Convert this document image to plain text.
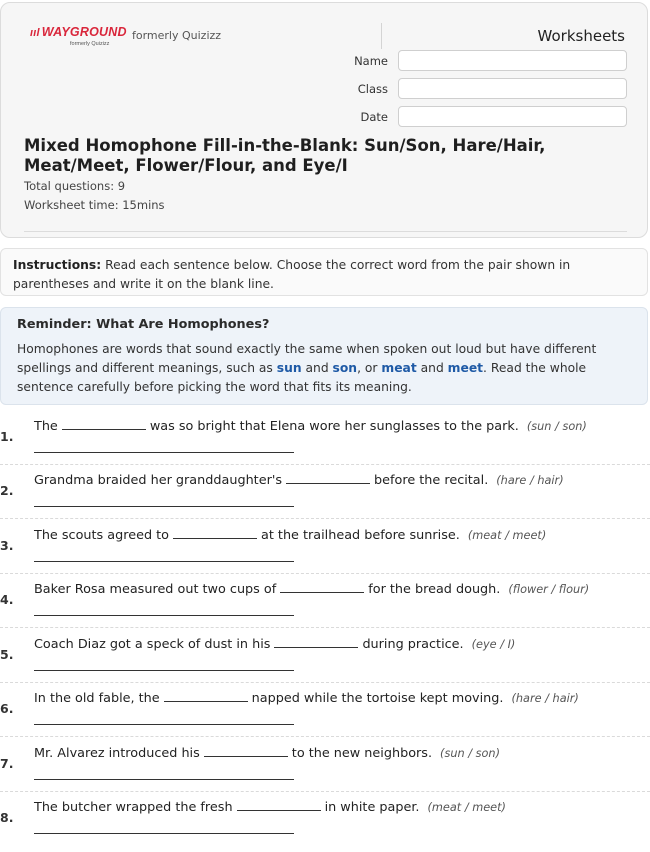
ııl WAYGROUND
formerly Quizizz
formerly Quizizz	Worksheets
Name
Class
Date
Mixed Homophone Fill-in-the-Blank: Sun/Son, Hare/Hair, Meat/Meet, Flower/Flour, and Eye/I
Total questions: 9
Worksheet time: 15mins
Instructions: Read each sentence below. Choose the correct word from the pair shown in parentheses and write it on the blank line.
Reminder: What Are Homophones?
Homophones are words that sound exactly the same when spoken out loud but have different spellings and different meanings, such as sun and son, or meat and meet. Read the whole sentence carefully before picking the word that fits its meaning.
1.
The	was so bright that Elena wore her sunglasses to the park. (sun / son)
2.
Grandma braided her granddaughter's	before the recital. (hare / hair)
3.
The scouts agreed to	at the trailhead before sunrise. (meat / meet)
4.
Baker Rosa measured out two cups of	for the bread dough. (flower / flour)
5.
Coach Diaz got a speck of dust in his	during practice. (eye / I)
6.
In the old fable, the	napped while the tortoise kept moving. (hare / hair)
7.
Mr. Alvarez introduced his	to the new neighbors. (sun / son)
8.
The butcher wrapped the fresh	in white paper. (meat / meet)
